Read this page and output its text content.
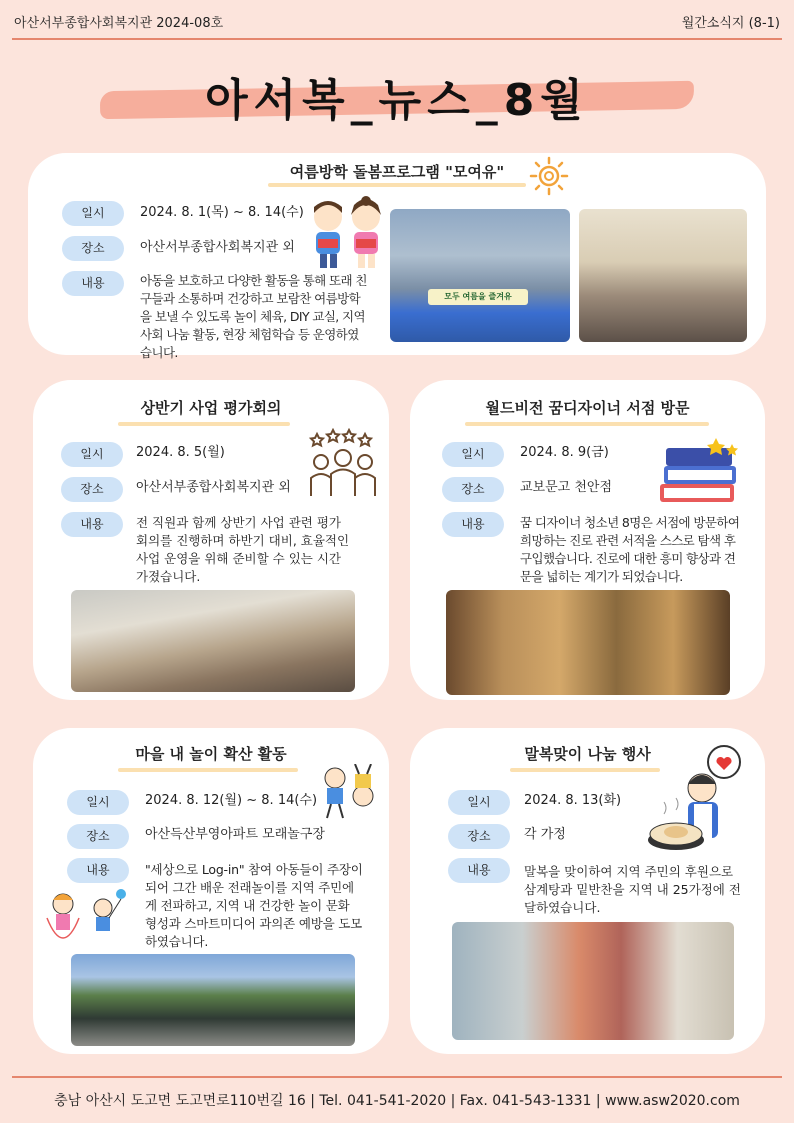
아산서부종합사회복지관 2024-08호	월간소식지 (8-1)
아서복_뉴스_8월
여름방학 돌봄프로그램 "모여유"
일시	2024. 8. 1(목) ~ 8. 14(수)
장소	아산서부종합사회복지관 외
내용	아동을 보호하고 다양한 활동을 통해 또래 친구들과 소통하며 건강하고 보람찬 여름방학을 보낼 수 있도록 놀이 체육, DIY 교실, 지역사회 나눔 활동, 현장 체험학습 등 운영하였습니다.
모두 여름을 즐겨유
상반기 사업 평가회의
일시	2024. 8. 5(월)
장소	아산서부종합사회복지관 외
내용	전 직원과 함께 상반기 사업 관련 평가 회의를 진행하며 하반기 대비, 효율적인 사업 운영을 위해 준비할 수 있는 시간 가졌습니다.
월드비전 꿈디자이너 서점 방문
일시	2024. 8. 9(금)
장소	교보문고 천안점
내용	꿈 디자이너 청소년 8명은 서점에 방문하여 희망하는 진로 관련 서적을 스스로 탐색 후 구입했습니다. 진로에 대한 흥미 향상과 견문을 넓히는 계기가 되었습니다.
마을 내 놀이 확산 활동
일시	2024. 8. 12(월) ~ 8. 14(수)
장소	아산득산부영아파트 모래놀구장
내용	"세상으로 Log-in" 참여 아동들이 주장이 되어 그간 배운 전래놀이를 지역 주민에게 전파하고, 지역 내 건강한 놀이 문화 형성과 스마트미디어 과의존 예방을 도모하였습니다.
말복맞이 나눔 행사
일시	2024. 8. 13(화)
장소	각 가정
내용	말복을 맞이하여 지역 주민의 후원으로 삼계탕과 밑반찬을 지역 내 25가정에 전달하였습니다.
충남 아산시 도고면 도고면로110번길 16 | Tel. 041-541-2020 | Fax. 041-543-1331 | www.asw2020.com
